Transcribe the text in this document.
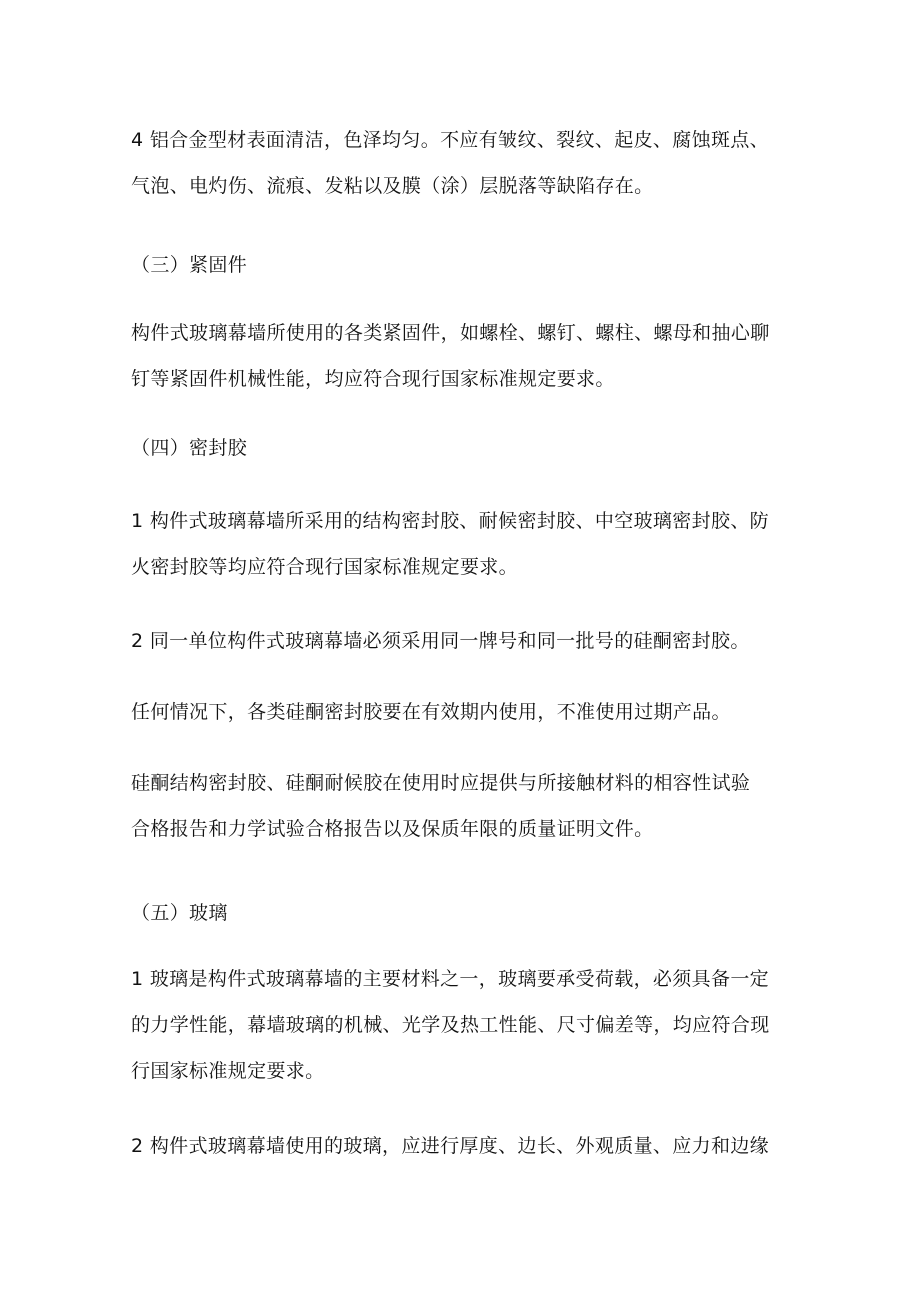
4 铝合金型材表面清洁，色泽均匀。不应有皱纹、裂纹、起皮、腐蚀斑点、
气泡、电灼伤、流痕、发粘以及膜（涂）层脱落等缺陷存在。

（三）紧固件

构件式玻璃幕墙所使用的各类紧固件，如螺栓、螺钉、螺柱、螺母和抽心聊
钉等紧固件机械性能，均应符合现行国家标准规定要求。

（四）密封胶

1 构件式玻璃幕墙所采用的结构密封胶、耐候密封胶、中空玻璃密封胶、防
火密封胶等均应符合现行国家标准规定要求。

2 同一单位构件式玻璃幕墙必须采用同一牌号和同一批号的硅酮密封胶。

任何情况下，各类硅酮密封胶要在有效期内使用，不准使用过期产品。

硅酮结构密封胶、硅酮耐候胶在使用时应提供与所接触材料的相容性试验
合格报告和力学试验合格报告以及保质年限的质量证明文件。

（五）玻璃

1 玻璃是构件式玻璃幕墙的主要材料之一，玻璃要承受荷载，必须具备一定
的力学性能，幕墙玻璃的机械、光学及热工性能、尺寸偏差等，均应符合现
行国家标准规定要求。

2 构件式玻璃幕墙使用的玻璃，应进行厚度、边长、外观质量、应力和边缘
